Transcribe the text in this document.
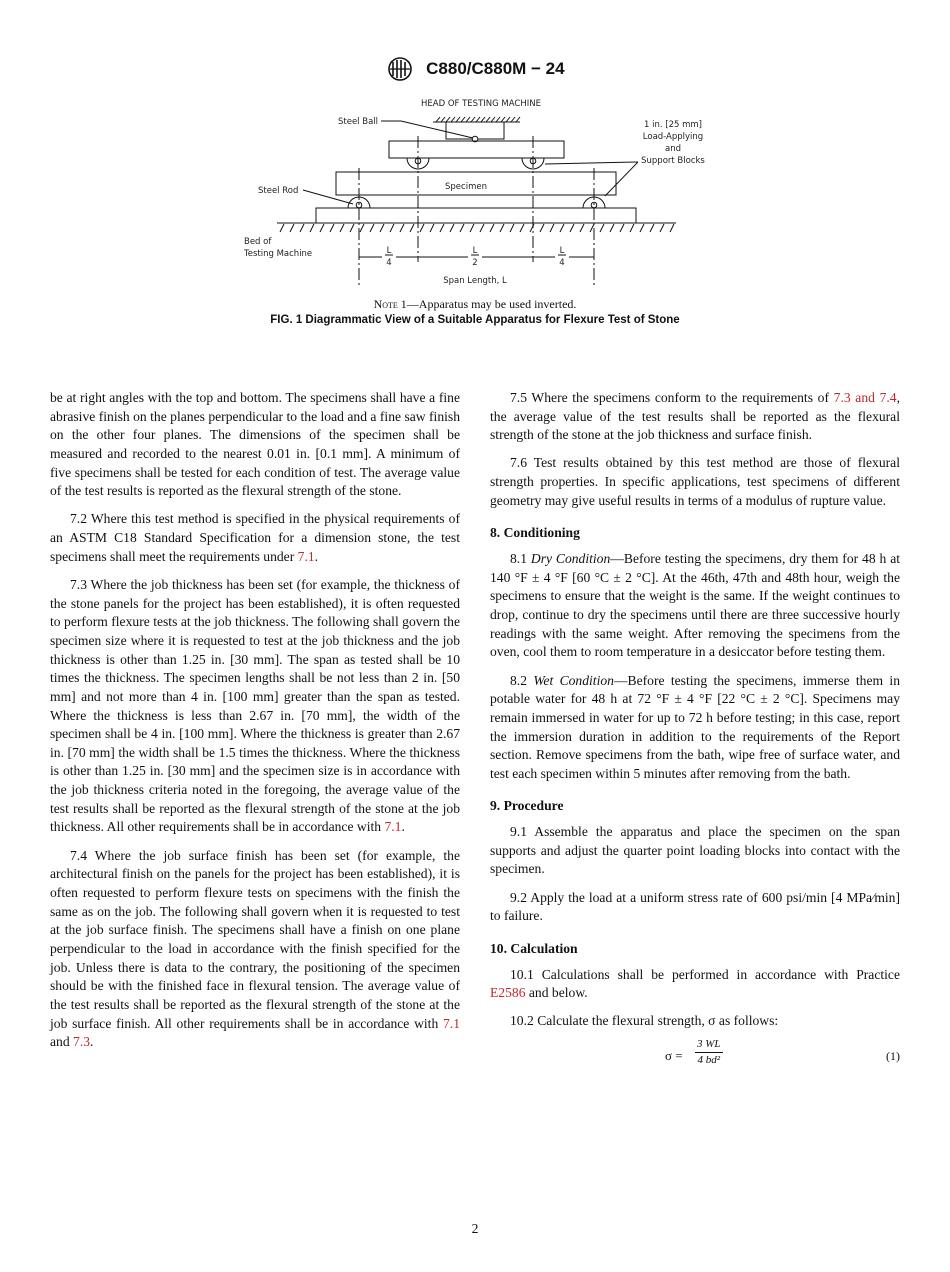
C880/C880M − 24
HEAD OF TESTING MACHINE
Steel Ball	1 in. [25 mm]
Load-Applying
and
Support Blocks
Specimen
Steel Rod
Bed of
Testing Machine	L
4
L
2
L
4
Span Length, L
Note 1—Apparatus may be used inverted.
FIG. 1 Diagrammatic View of a Suitable Apparatus for Flexure Test of Stone

be at right angles with the top and bottom. The specimens shall have a fine abrasive finish on the planes perpendicular to the load and a fine saw finish on the other four planes. The dimensions of the specimen shall be measured and recorded to the nearest 0.01 in. [0.1 mm]. A minimum of five specimens shall be tested for each condition of test. The average value of the test results is reported as the flexural strength of the stone.

7.2 Where this test method is specified in the physical requirements of an ASTM C18 Standard Specification for a dimension stone, the test specimens shall meet the requirements under 7.1.

7.3 Where the job thickness has been set (for example, the thickness of the stone panels for the project has been established), it is often requested to perform flexure tests at the job thickness. The following shall govern the specimen size where it is requested to test at the job thickness and the job thickness is other than 1.25 in. [30 mm]. The span as tested shall be 10 times the thickness. The specimen lengths shall be not less than 2 in. [50 mm] and not more than 4 in. [100 mm] greater than the span as tested. Where the thickness is less than 2.67 in. [70 mm], the width of the specimen shall be 4 in. [100 mm]. Where the thickness is greater than 2.67 in. [70 mm] the width shall be 1.5 times the thickness. Where the thickness is other than 1.25 in. [30 mm] and the specimen size is in accordance with the job thickness criteria noted in the foregoing, the average value of the test results shall be reported as the flexural strength of the stone at the job thickness. All other requirements shall be in accordance with 7.1.

7.4 Where the job surface finish has been set (for example, the architectural finish on the panels for the project has been established), it is often requested to perform flexure tests on specimens with the finish the same as on the job. The following shall govern when it is requested to test at the job surface finish. The specimens shall have a finish on one plane perpendicular to the load in accordance with the finish specified for the job. Unless there is data to the contrary, the positioning of the specimen should be with the finished face in flexural tension. The average value of the test results shall be reported as the flexural strength of the stone at the job surface finish. All other requirements shall be in accordance with 7.1 and 7.3.

7.5 Where the specimens conform to the requirements of 7.3 and 7.4, the average value of the test results shall be reported as the flexural strength of the stone at the job thickness and surface finish.

7.6 Test results obtained by this test method are those of flexural strength properties. In specific applications, test specimens of different geometry may give useful results in terms of a modulus of rupture value.

8. Conditioning

8.1 Dry Condition—Before testing the specimens, dry them for 48 h at 140 °F ± 4 °F [60 °C ± 2 °C]. At the 46th, 47th and 48th hour, weigh the specimens to ensure that the weight is the same. If the weight continues to drop, continue to dry the specimens until there are three successive hourly readings with the same weight. After removing the specimens from the oven, cool them to room temperature in a desiccator before testing them.

8.2 Wet Condition—Before testing the specimens, immerse them in potable water for 48 h at 72 °F ± 4 °F [22 °C ± 2 °C]. Specimens may remain immersed in water for up to 72 h before testing; in this case, report the immersion duration in addition to the requirements of the Report section. Remove specimens from the bath, wipe free of surface water, and test each specimen within 5 minutes after removing from the bath.

9. Procedure

9.1 Assemble the apparatus and place the specimen on the span supports and adjust the quarter point loading blocks into contact with the specimen.

9.2 Apply the load at a uniform stress rate of 600 psi/min [4 MPa⁄min] to failure.

10. Calculation

10.1 Calculations shall be performed in accordance with Practice E2586 and below.

10.2 Calculate the flexural strength, σ as follows:

$\sigma = \frac{3 WL}{\text{4 bd²}}$	(1)
2
